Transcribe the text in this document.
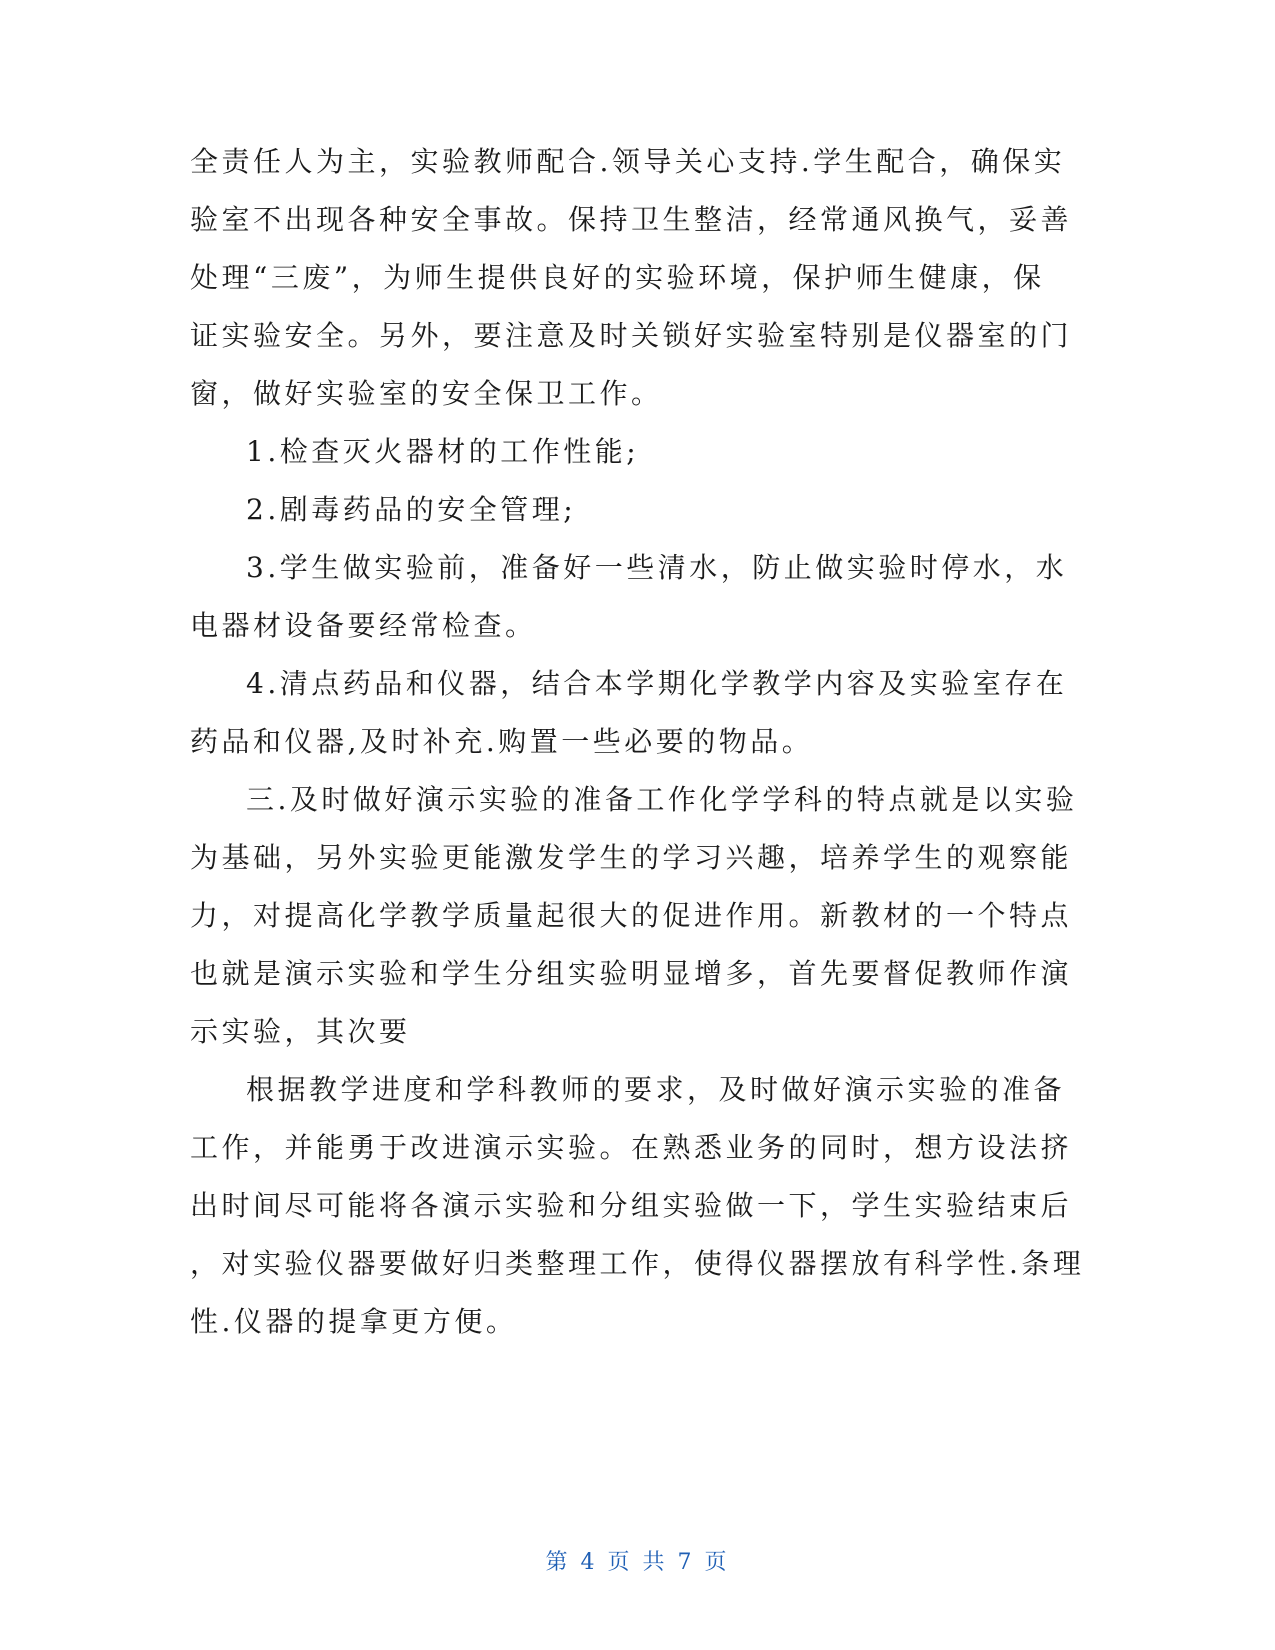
全责任人为主，实验教师配合.领导关心支持.学生配合，确保实
验室不出现各种安全事故。保持卫生整洁，经常通风换气，妥善
处理“三废”，为师生提供良好的实验环境，保护师生健康，保
证实验安全。另外，要注意及时关锁好实验室特别是仪器室的门
窗，做好实验室的安全保卫工作。
1.检查灭火器材的工作性能;
2.剧毒药品的安全管理;
3.学生做实验前，准备好一些清水，防止做实验时停水，水
电器材设备要经常检查。
4.清点药品和仪器，结合本学期化学教学内容及实验室存在
药品和仪器,及时补充.购置一些必要的物品。
三.及时做好演示实验的准备工作化学学科的特点就是以实验
为基础，另外实验更能激发学生的学习兴趣，培养学生的观察能
力，对提高化学教学质量起很大的促进作用。新教材的一个特点
也就是演示实验和学生分组实验明显增多，首先要督促教师作演
示实验，其次要
根据教学进度和学科教师的要求，及时做好演示实验的准备
工作，并能勇于改进演示实验。在熟悉业务的同时，想方设法挤
出时间尽可能将各演示实验和分组实验做一下，学生实验结束后
，对实验仪器要做好归类整理工作，使得仪器摆放有科学性.条理
性.仪器的提拿更方便。
第 4 页 共 7 页
